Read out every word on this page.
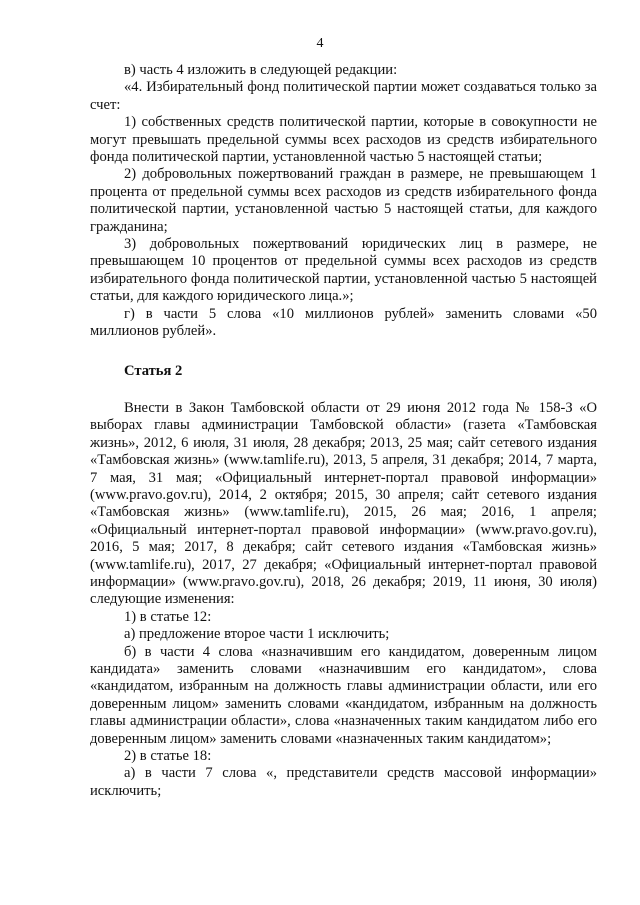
4

в) часть 4 изложить в следующей редакции:

«4. Избирательный фонд политической партии может создаваться только за счет:

1) собственных средств политической партии, которые в совокупности не могут превышать предельной суммы всех расходов из средств избирательного фонда политической партии, установленной частью 5 настоящей статьи;

2) добровольных пожертвований граждан в размере, не превышающем 1 процента от предельной суммы всех расходов из средств избирательного фонда политической партии, установленной частью 5 настоящей статьи, для каждого гражданина;

3) добровольных пожертвований юридических лиц в размере, не превышающем 10 процентов от предельной суммы всех расходов из средств избирательного фонда политической партии, установленной частью 5 настоящей статьи, для каждого юридического лица.»;

г) в части 5 слова «10 миллионов рублей» заменить словами «50 миллионов рублей».

Статья 2

Внести в Закон Тамбовской области от 29 июня 2012 года № 158-З «О выборах главы администрации Тамбовской области» (газета «Тамбовская жизнь», 2012, 6 июля, 31 июля, 28 декабря; 2013, 25 мая; сайт сетевого издания «Тамбовская жизнь» (www.tamlife.ru), 2013, 5 апреля, 31 декабря; 2014, 7 марта, 7 мая, 31 мая; «Официальный интернет-портал правовой информации» (www.pravo.gov.ru), 2014, 2 октября; 2015, 30 апреля; сайт сетевого издания «Тамбовская жизнь» (www.tamlife.ru), 2015, 26 мая; 2016, 1 апреля; «Официальный интернет-портал правовой информации» (www.pravo.gov.ru), 2016, 5 мая; 2017, 8 декабря; сайт сетевого издания «Тамбовская жизнь» (www.tamlife.ru), 2017, 27 декабря; «Официальный интернет-портал правовой информации» (www.pravo.gov.ru), 2018, 26 декабря; 2019, 11 июня, 30 июля) следующие изменения:

1) в статье 12:

а) предложение второе части 1 исключить;

б) в части 4 слова «назначившим его кандидатом, доверенным лицом кандидата» заменить словами «назначившим его кандидатом», слова «кандидатом, избранным на должность главы администрации области, или его доверенным лицом» заменить словами «кандидатом, избранным на должность главы администрации области», слова «назначенных таким кандидатом либо его доверенным лицом» заменить словами «назначенных таким кандидатом»;

2) в статье 18:

а) в части 7 слова «, представители средств массовой информации» исключить;
